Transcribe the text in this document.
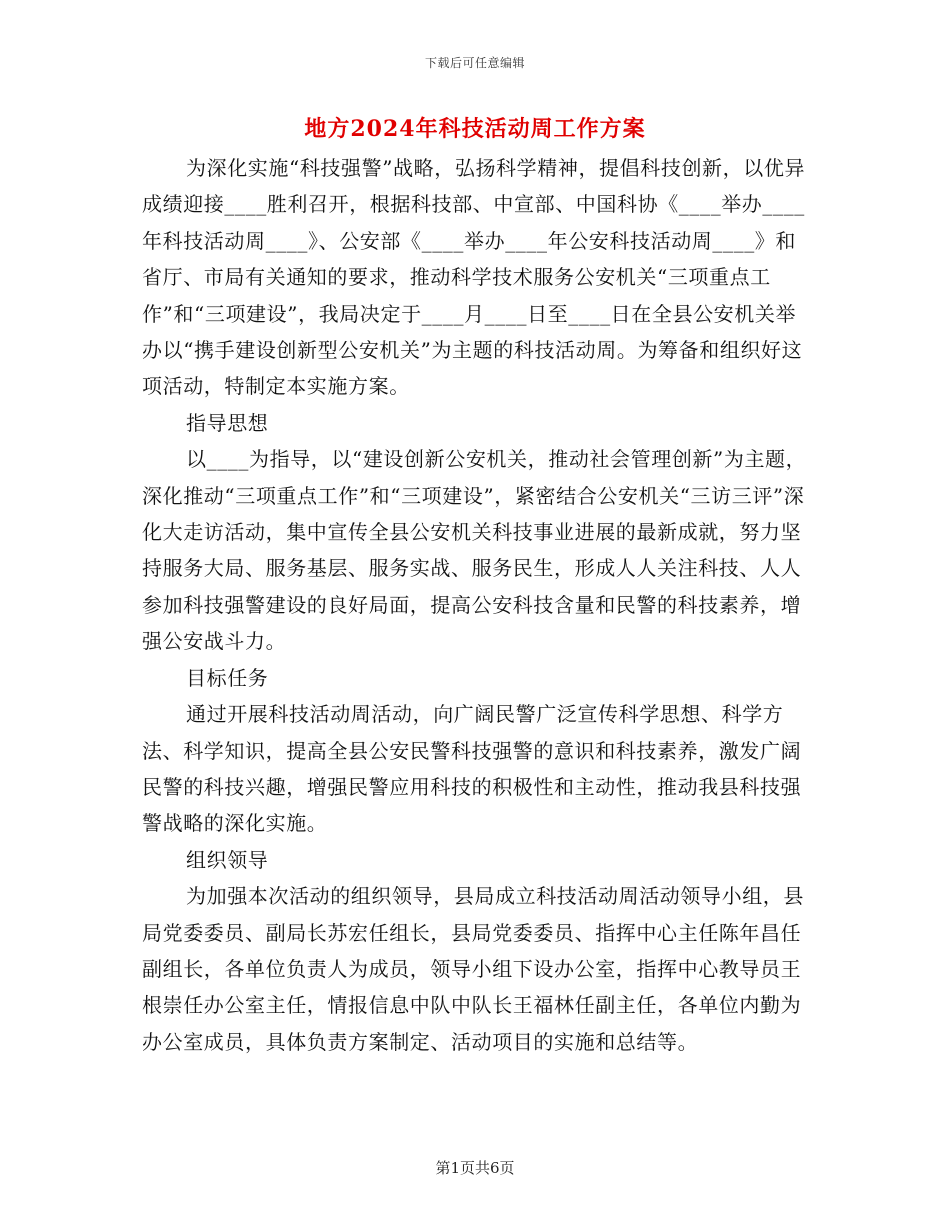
下载后可任意编辑
地方2024年科技活动周工作方案

为深化实施“科技强警”战略，弘扬科学精神，提倡科技创新，以优异成绩迎接____胜利召开，根据科技部、中宣部、中国科协《____举办____年科技活动周____》、公安部《____举办____年公安科技活动周____》和省厅、市局有关通知的要求，推动科学技术服务公安机关“三项重点工作”和“三项建设”，我局决定于____月____日至____日在全县公安机关举办以“携手建设创新型公安机关”为主题的科技活动周。为筹备和组织好这项活动，特制定本实施方案。

指导思想

以____为指导，以“建设创新公安机关，推动社会管理创新”为主题，深化推动“三项重点工作”和“三项建设”，紧密结合公安机关“三访三评”深化大走访活动，集中宣传全县公安机关科技事业进展的最新成就，努力坚持服务大局、服务基层、服务实战、服务民生，形成人人关注科技、人人参加科技强警建设的良好局面，提高公安科技含量和民警的科技素养，增强公安战斗力。

目标任务

通过开展科技活动周活动，向广阔民警广泛宣传科学思想、科学方法、科学知识，提高全县公安民警科技强警的意识和科技素养，激发广阔民警的科技兴趣，增强民警应用科技的积极性和主动性，推动我县科技强警战略的深化实施。

组织领导

为加强本次活动的组织领导，县局成立科技活动周活动领导小组，县局党委委员、副局长苏宏任组长，县局党委委员、指挥中心主任陈年昌任副组长，各单位负责人为成员，领导小组下设办公室，指挥中心教导员王根崇任办公室主任，情报信息中队中队长王福林任副主任，各单位内勤为办公室成员，具体负责方案制定、活动项目的实施和总结等。

第1页共6页
